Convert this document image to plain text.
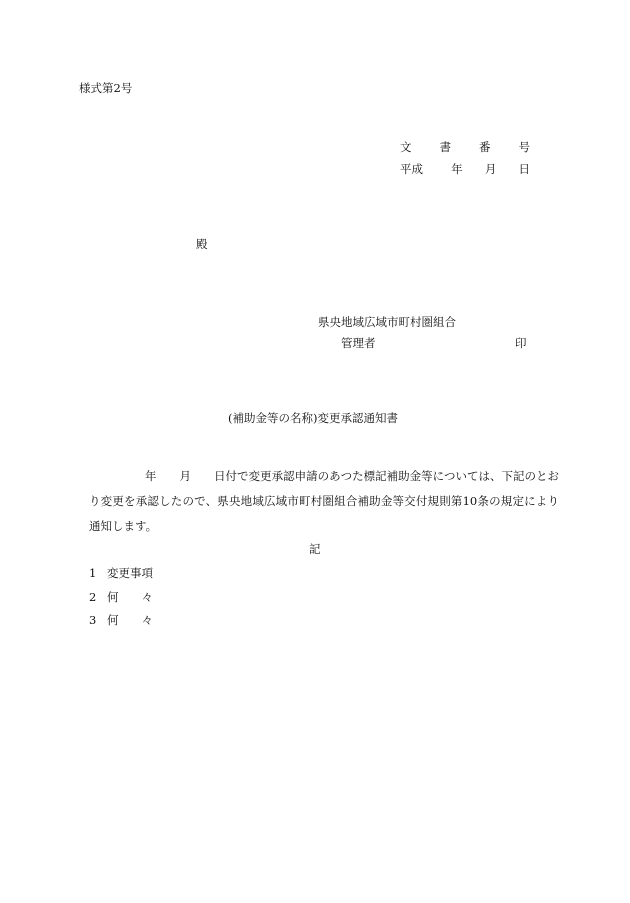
様式第2号
文 書 番 号
平成 年 月 日
殿
県央地域広域市町村圏組合
管理者	印
(補助金等の名称)変更承認通知書
年　　月　　日付で変更承認申請のあつた標記補助金等については、下記のとおり変更を承認したので、県央地域広域市町村圏組合補助金等交付規則第10条の規定により通知します。
記
1 変更事項
2 何　　々
3 何　　々
